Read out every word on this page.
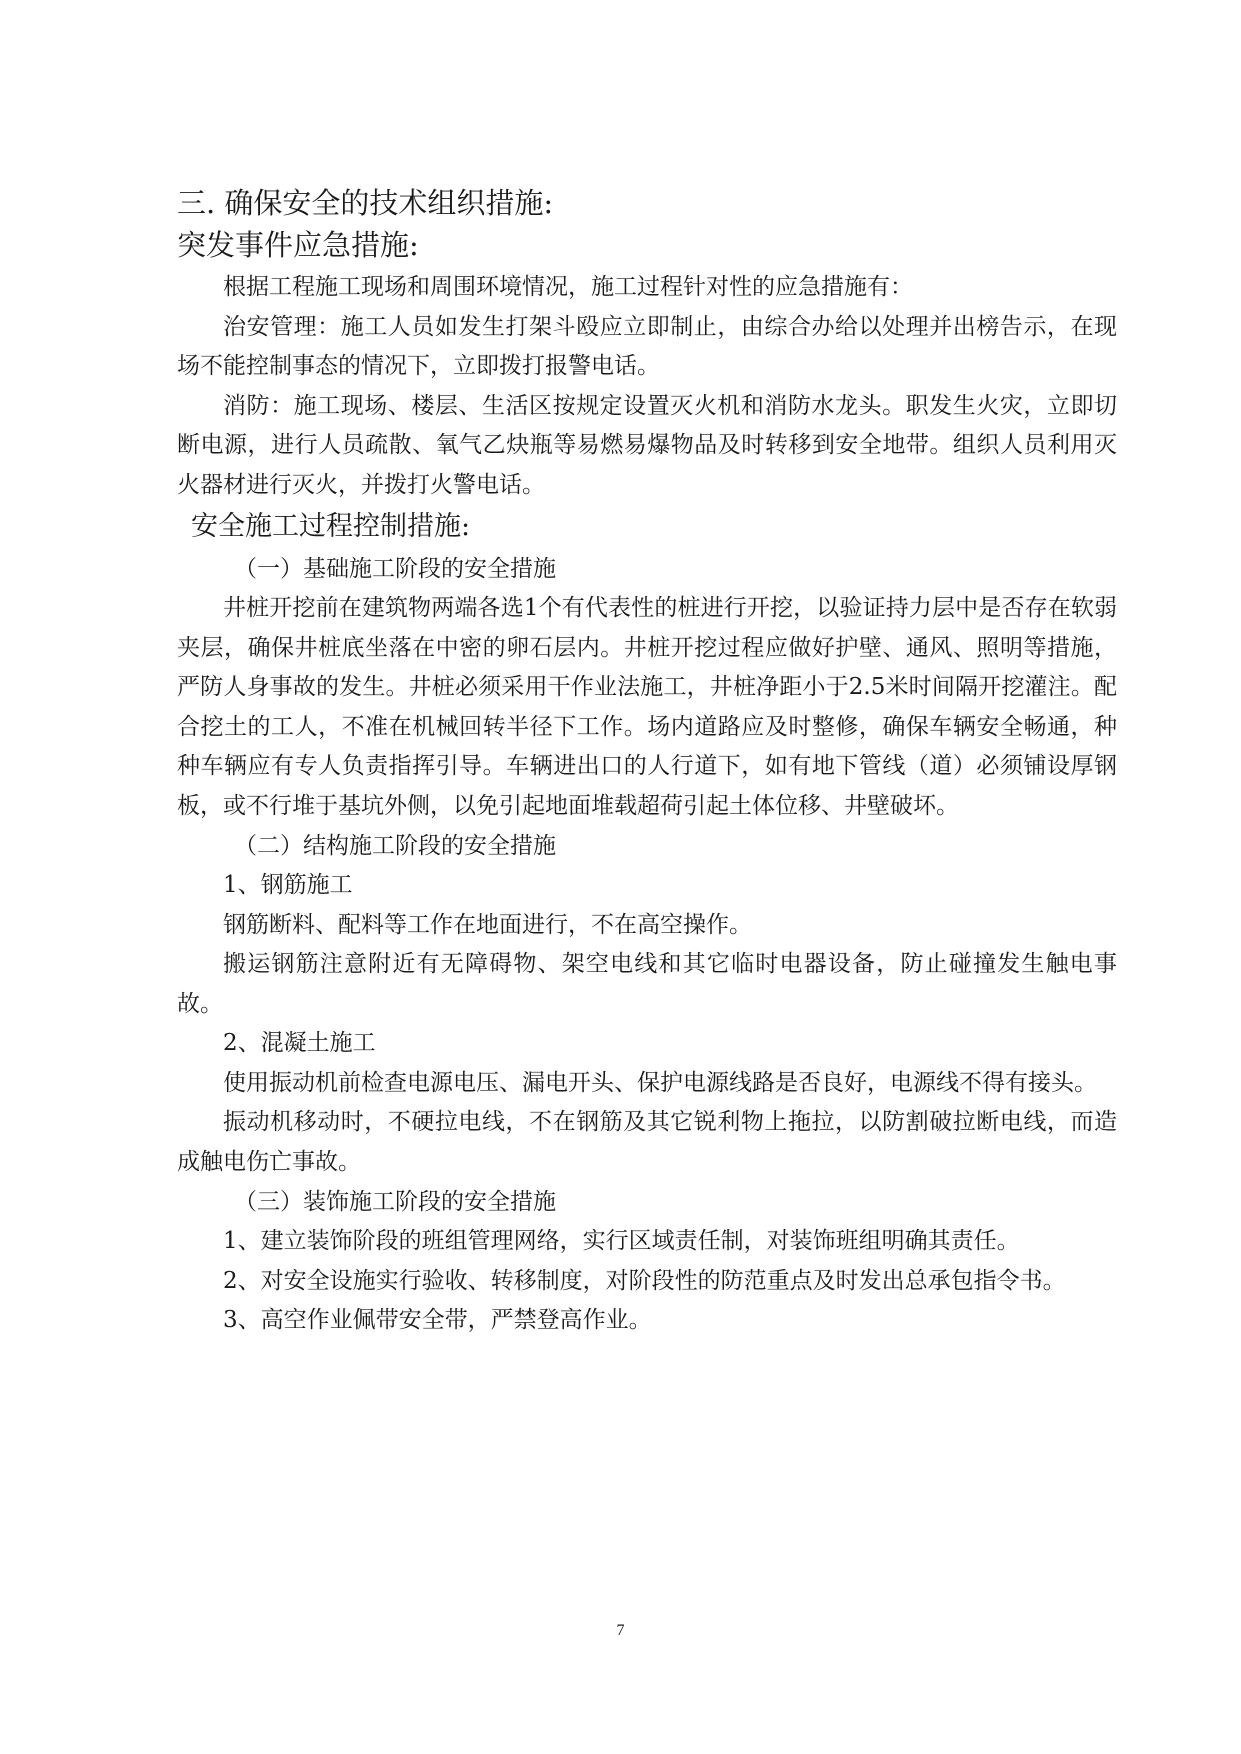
三. 确保安全的技术组织措施:

突发事件应急措施:

根据工程施工现场和周围环境情况，施工过程针对性的应急措施有：

治安管理：施工人员如发生打架斗殴应立即制止，由综合办给以处理并出榜告示，在现场不能控制事态的情况下，立即拨打报警电话。

消防：施工现场、楼层、生活区按规定设置灭火机和消防水龙头。职发生火灾，立即切断电源，进行人员疏散、氧气乙炔瓶等易燃易爆物品及时转移到安全地带。组织人员利用灭火器材进行灭火，并拨打火警电话。

安全施工过程控制措施:

（一）基础施工阶段的安全措施

井桩开挖前在建筑物两端各选1个有代表性的桩进行开挖，以验证持力层中是否存在软弱夹层，确保井桩底坐落在中密的卵石层内。井桩开挖过程应做好护壁、通风、照明等措施，严防人身事故的发生。井桩必须采用干作业法施工，井桩净距小于2.5米时间隔开挖灌注。配合挖土的工人，不准在机械回转半径下工作。场内道路应及时整修，确保车辆安全畅通，种种车辆应有专人负责指挥引导。车辆进出口的人行道下，如有地下管线（道）必须铺设厚钢板，或不行堆于基坑外侧，以免引起地面堆载超荷引起土体位移、井壁破坏。

（二）结构施工阶段的安全措施

1、钢筋施工

钢筋断料、配料等工作在地面进行，不在高空操作。

搬运钢筋注意附近有无障碍物、架空电线和其它临时电器设备，防止碰撞发生触电事故。

2、混凝土施工

使用振动机前检查电源电压、漏电开头、保护电源线路是否良好，电源线不得有接头。

振动机移动时，不硬拉电线，不在钢筋及其它锐利物上拖拉，以防割破拉断电线，而造成触电伤亡事故。

（三）装饰施工阶段的安全措施

1、建立装饰阶段的班组管理网络，实行区域责任制，对装饰班组明确其责任。

2、对安全设施实行验收、转移制度，对阶段性的防范重点及时发出总承包指令书。

3、高空作业佩带安全带，严禁登高作业。

7
